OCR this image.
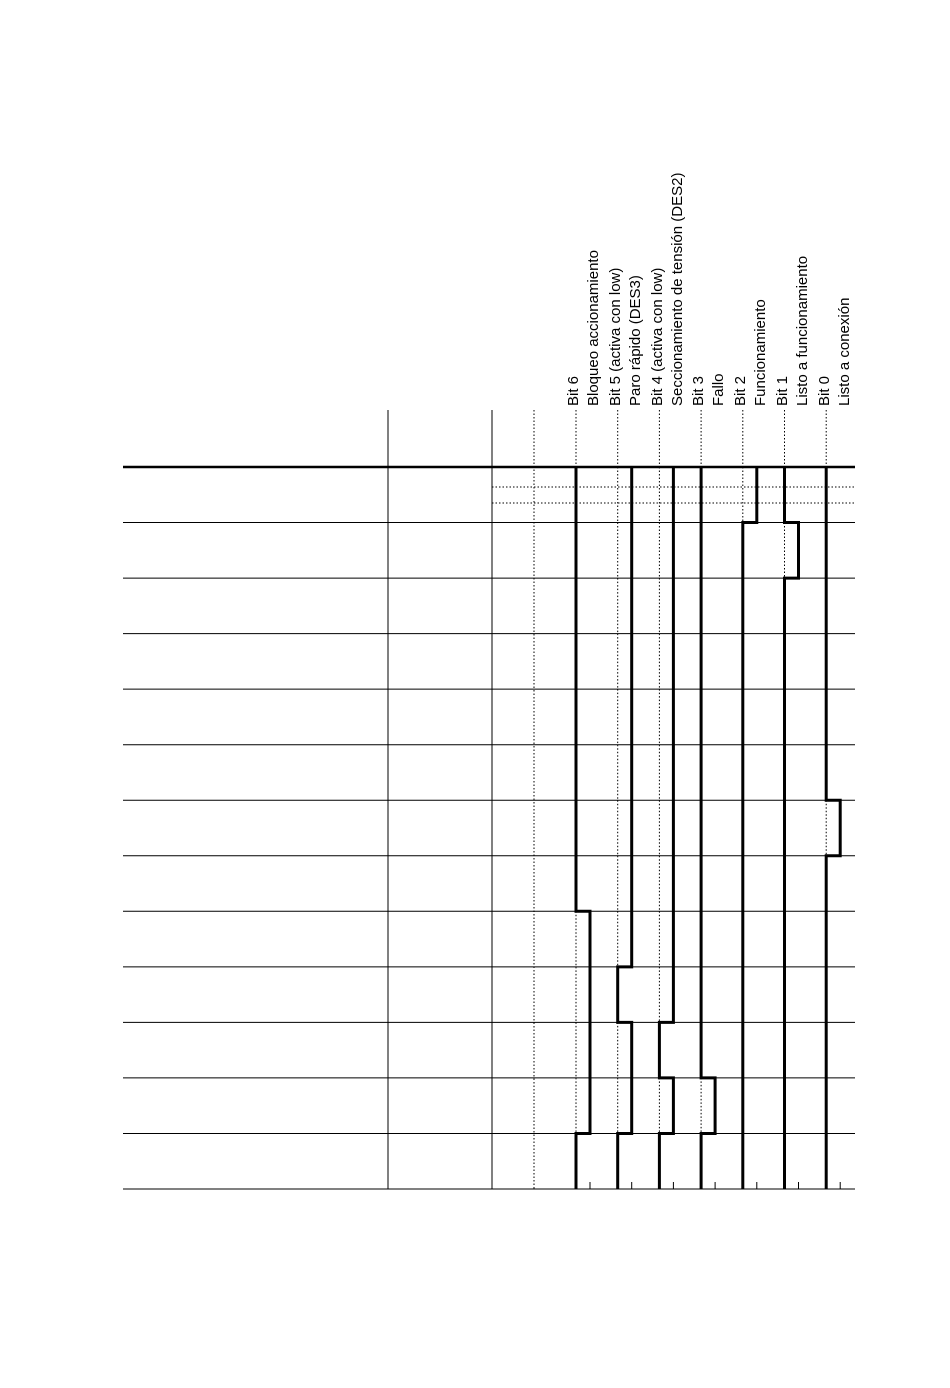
Bit 6 Bloqueo accionamiento Bit 5 (activa con low) Paro rápido (DES3) Bit 4 (activa con low) Seccionamiento de tensión (DES2) Bit 3 Fallo Bit 2 Funcionamiento Bit 1 Listo a funcionamiento Bit 0 Listo a conexión
